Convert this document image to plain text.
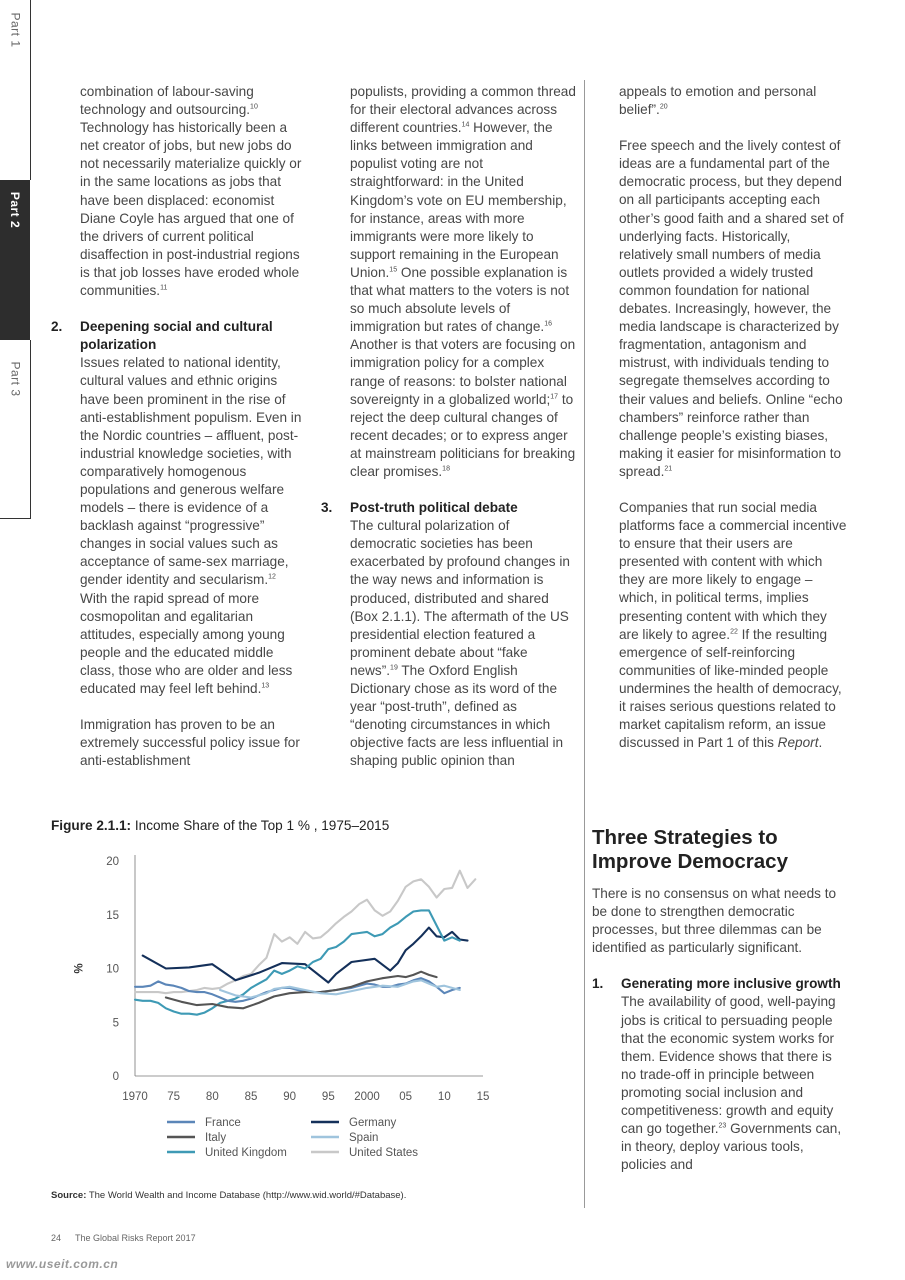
Part 1
Part 2
Part 3

combination of labour-saving technology and outsourcing.$^{10}$ Technology has historically been a net creator of jobs, but new jobs do not necessarily materialize quickly or in the same locations as jobs that have been displaced: economist Diane Coyle has argued that one of the drivers of current political disaffection in post-industrial regions is that job losses have eroded whole communities.$^{11}$

2. Deepening social and cultural polarization
Issues related to national identity, cultural values and ethnic origins have been prominent in the rise of anti-establishment populism. Even in the Nordic countries – affluent, post-industrial knowledge societies, with comparatively homogenous populations and generous welfare models – there is evidence of a backlash against “progressive” changes in social values such as acceptance of same-sex marriage, gender identity and secularism.$^{12}$ With the rapid spread of more cosmopolitan and egalitarian attitudes, especially among young people and the educated middle class, those who are older and less educated may feel left behind.$^{13}$

Immigration has proven to be an extremely successful policy issue for anti-establishment

populists, providing a common thread for their electoral advances across different countries.$^{14}$ However, the links between immigration and populist voting are not straightforward: in the United Kingdom’s vote on EU membership, for instance, areas with more immigrants were more likely to support remaining in the European Union.$^{15}$ One possible explanation is that what matters to the voters is not so much absolute levels of immigration but rates of change.$^{16}$ Another is that voters are focusing on immigration policy for a complex range of reasons: to bolster national sovereignty in a globalized world;$^{17}$ to reject the deep cultural changes of recent decades; or to express anger at mainstream politicians for breaking clear promises.$^{18}$

3. Post-truth political debate
The cultural polarization of democratic societies has been exacerbated by profound changes in the way news and information is produced, distributed and shared (Box 2.1.1). The aftermath of the US presidential election featured a prominent debate about “fake news”.$^{19}$ The Oxford English Dictionary chose as its word of the year “post-truth”, defined as “denoting circumstances in which objective facts are less influential in shaping public opinion than

appeals to emotion and personal belief”.$^{20}$

Free speech and the lively contest of ideas are a fundamental part of the democratic process, but they depend on all participants accepting each other’s good faith and a shared set of underlying facts. Historically, relatively small numbers of media outlets provided a widely trusted common foundation for national debates. Increasingly, however, the media landscape is characterized by fragmentation, antagonism and mistrust, with individuals tending to segregate themselves according to their values and beliefs. Online “echo chambers” reinforce rather than challenge people’s existing biases, making it easier for misinformation to spread.$^{21}$

Companies that run social media platforms face a commercial incentive to ensure that their users are presented with content with which they are more likely to engage – which, in political terms, implies presenting content with which they are likely to agree.$^{22}$ If the resulting emergence of self-reinforcing communities of like-minded people undermines the health of democracy, it raises serious questions related to market capitalism reform, an issue discussed in Part 1 of this Report.

Three Strategies to Improve Democracy

There is no consensus on what needs to be done to strengthen democratic processes, but three dilemmas can be identified as particularly significant.

1. Generating more inclusive growth
The availability of good, well-paying jobs is critical to persuading people that the economic system works for them. Evidence shows that there is no trade-off in principle between promoting social inclusion and competitiveness: growth and equity can go together.$^{23}$ Governments can, in theory, deploy various tools, policies and
Figure 2.1.1: Income Share of the Top 1 % , 1975–2015
0
5
10
15
20
1970 75 80 85 90 95 2000 05 10 15
%
France	Germany
Italy	Spain
United Kingdom	United States
Source: The World Wealth and Income Database (http://www.wid.world/#Database).
24 The Global Risks Report 2017
www.useit.com.cn
